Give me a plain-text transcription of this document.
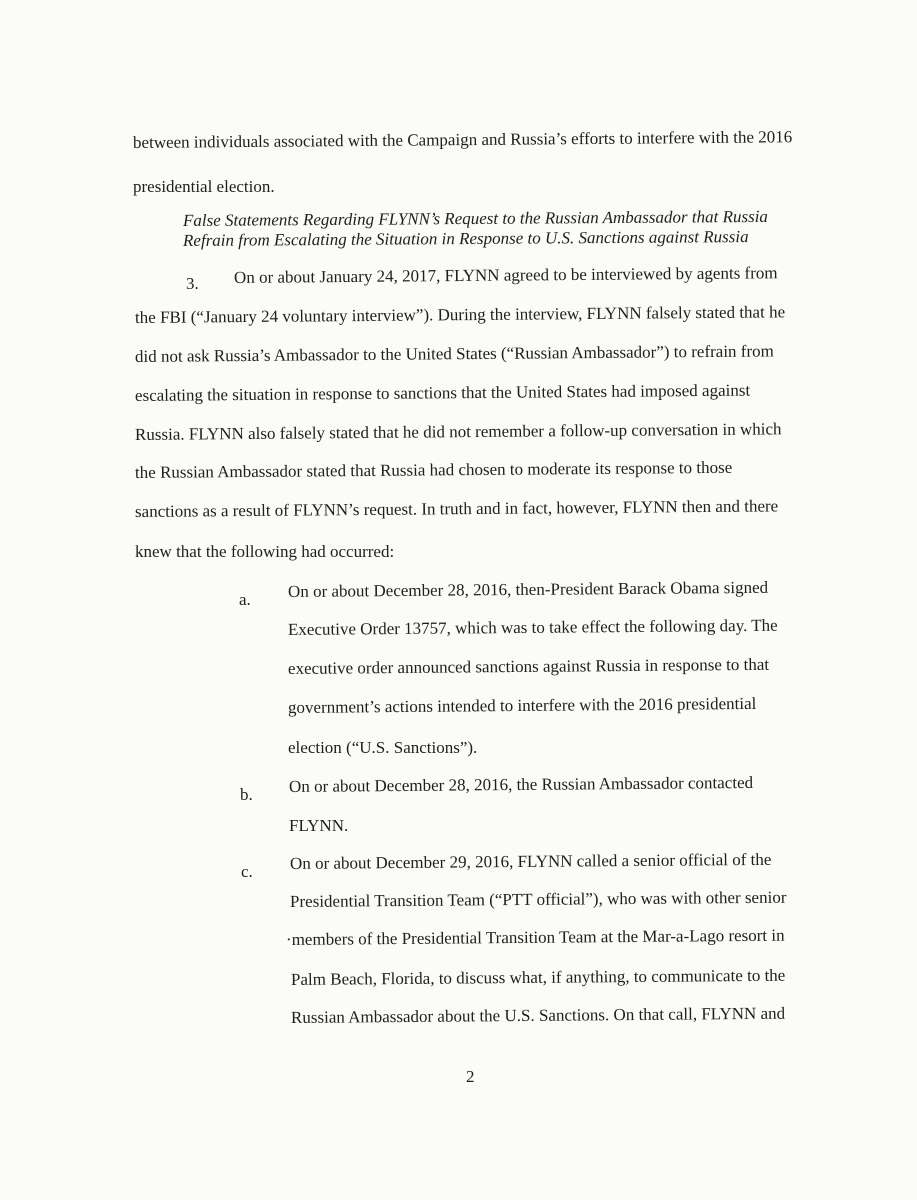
between individuals associated with the Campaign and Russia’s efforts to interfere with the 2016
presidential election.
False Statements Regarding FLYNN’s Request to the Russian Ambassador that Russia
Refrain from Escalating the Situation in Response to U.S. Sanctions against Russia
3. On or about January 24, 2017, FLYNN agreed to be interviewed by agents from
the FBI (“January 24 voluntary interview”). During the interview, FLYNN falsely stated that he
did not ask Russia’s Ambassador to the United States (“Russian Ambassador”) to refrain from
escalating the situation in response to sanctions that the United States had imposed against
Russia. FLYNN also falsely stated that he did not remember a follow-up conversation in which
the Russian Ambassador stated that Russia had chosen to moderate its response to those
sanctions as a result of FLYNN’s request. In truth and in fact, however, FLYNN then and there
knew that the following had occurred:
a. On or about December 28, 2016, then-President Barack Obama signed
Executive Order 13757, which was to take effect the following day. The
executive order announced sanctions against Russia in response to that
government’s actions intended to interfere with the 2016 presidential
election (“U.S. Sanctions”).
b. On or about December 28, 2016, the Russian Ambassador contacted
FLYNN.
c. On or about December 29, 2016, FLYNN called a senior official of the
Presidential Transition Team (“PTT official”), who was with other senior
·members of the Presidential Transition Team at the Mar-a-Lago resort in
Palm Beach, Florida, to discuss what, if anything, to communicate to the
Russian Ambassador about the U.S. Sanctions. On that call, FLYNN and
2
